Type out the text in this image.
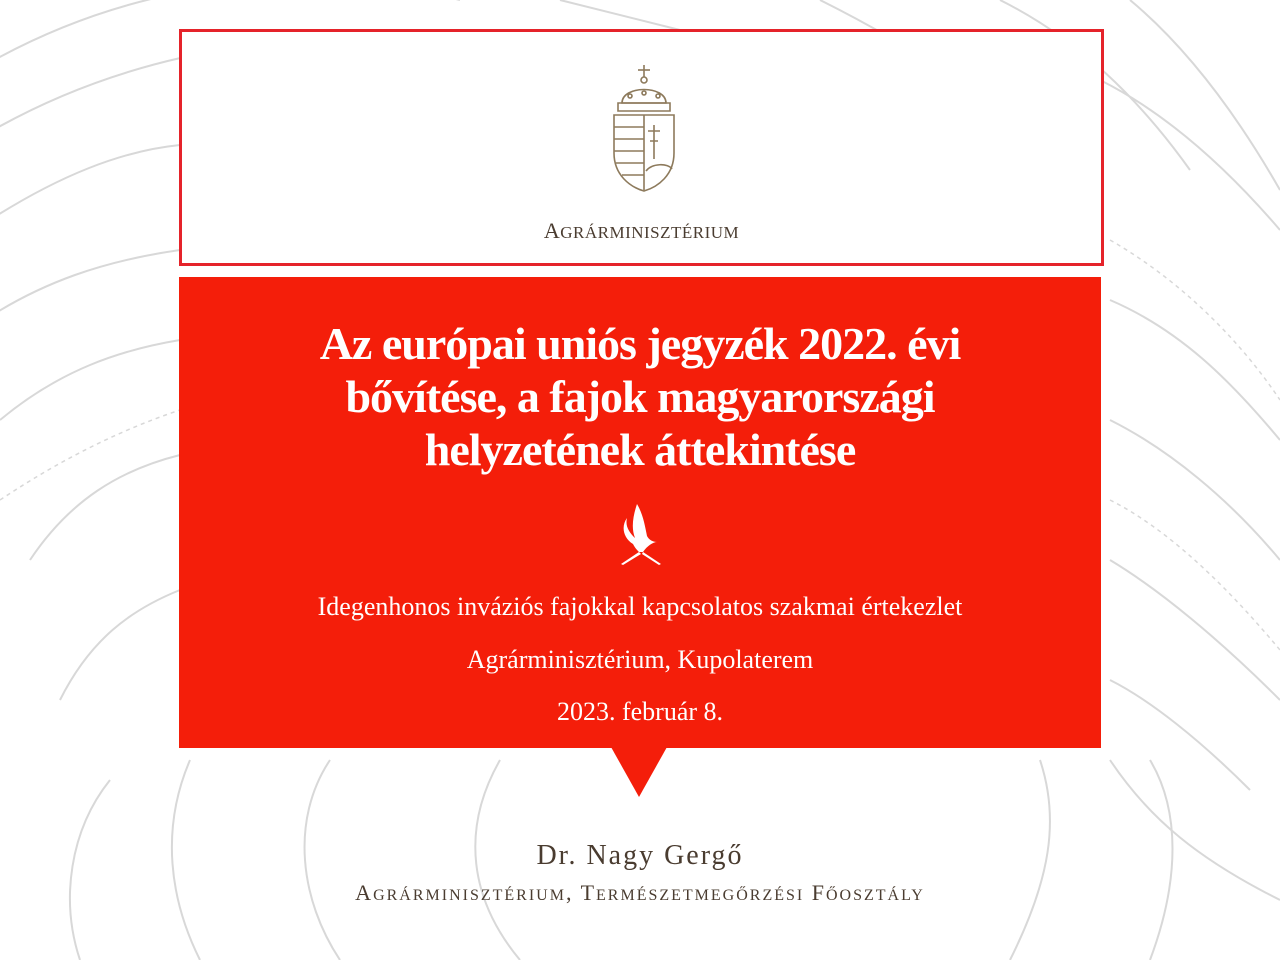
AGRÁRMINISZTÉRIUM
Az európai uniós jegyzék 2022. évi
bővítése, a fajok magyarországi
helyzetének áttekintése
Idegenhonos inváziós fajokkal kapcsolatos szakmai értekezlet
Agrárminisztérium, Kupolaterem
2023. február 8.
Dr. Nagy Gergő
AGRÁRMINISZTÉRIUM, TERMÉSZETMEGŐRZÉSI FŐOSZTÁLY
